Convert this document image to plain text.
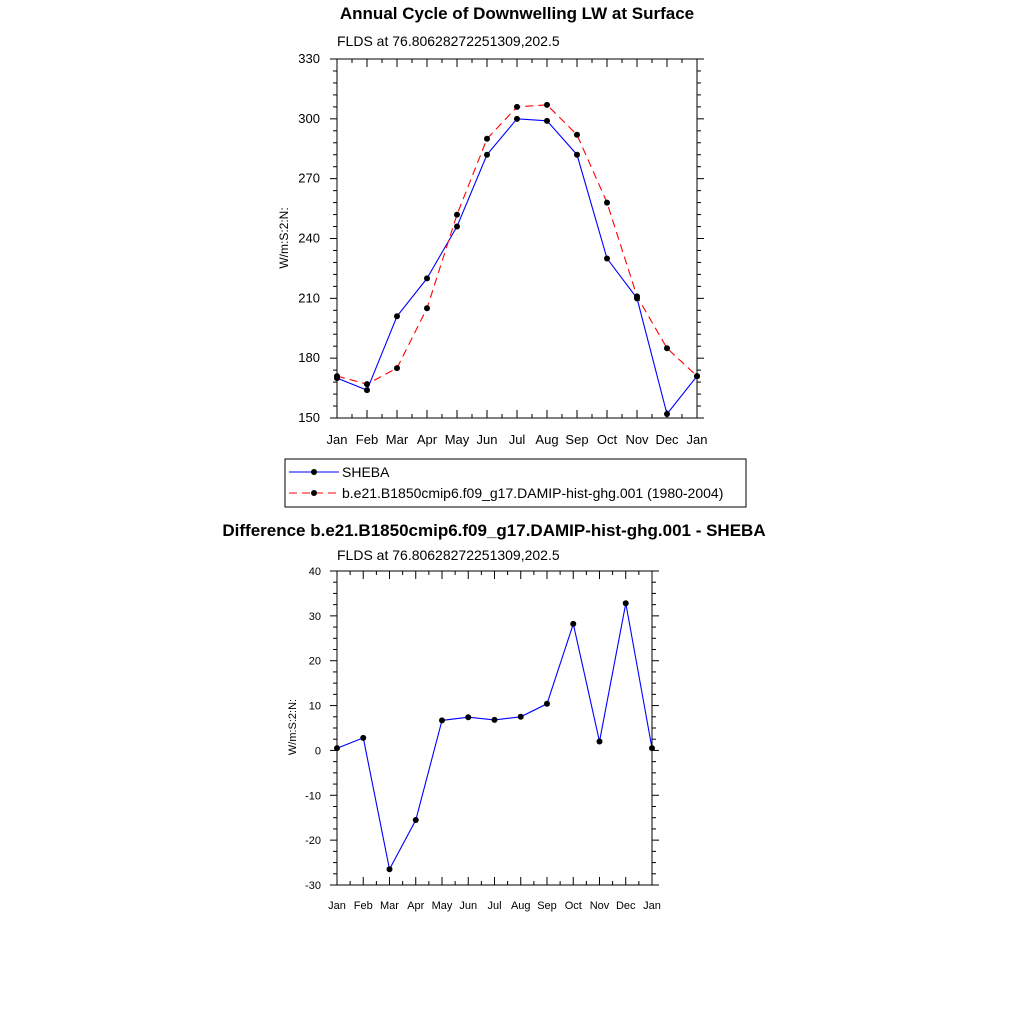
Annual Cycle of Downwelling LW at Surface
FLDS at 76.80628272251309,202.5
W/m:S:2:N:
150
180
210
240
270
300
330
Jan Feb Mar Apr May Jun Jul Aug Sep Oct Nov Dec Jan
SHEBA
b.e21.B1850cmip6.f09_g17.DAMIP-hist-ghg.001 (1980-2004)
Difference b.e21.B1850cmip6.f09_g17.DAMIP-hist-ghg.001 - SHEBA
FLDS at 76.80628272251309,202.5
W/m:S:2:N:
-30
-20
-10
0
10
20
30
40
Jan Feb Mar Apr May Jun Jul Aug Sep Oct Nov Dec Jan
